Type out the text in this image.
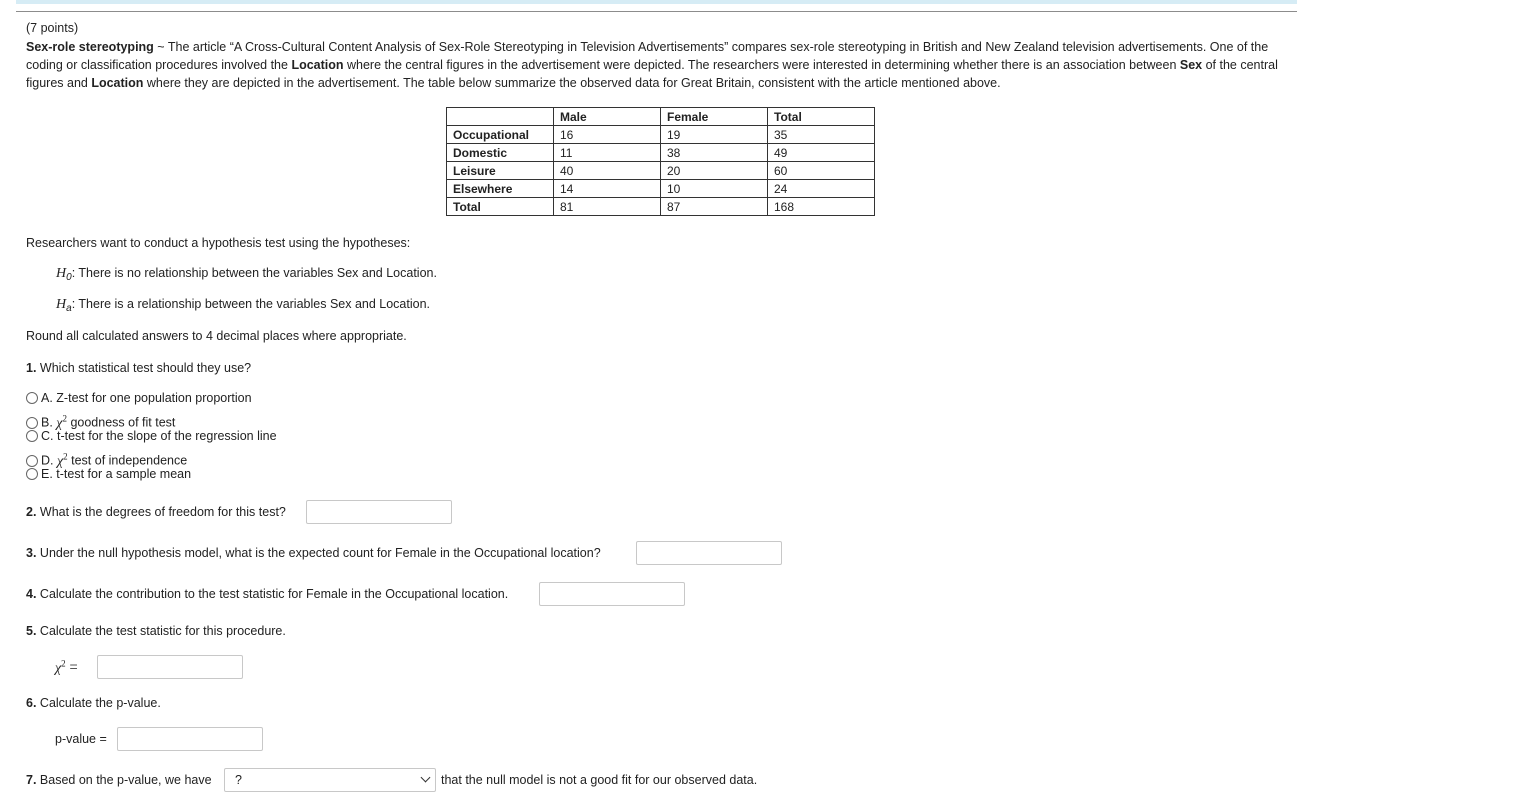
(7 points)
Sex-role stereotyping ~ The article “A Cross-Cultural Content Analysis of Sex-Role Stereotyping in Television Advertisements” compares sex-role stereotyping in British and New Zealand television advertisements. One of the coding or classification procedures involved the Location where the central figures in the advertisement were depicted. The researchers were interested in determining whether there is an association between Sex of the central figures and Location where they are depicted in the advertisement. The table below summarize the observed data for Great Britain, consistent with the article mentioned above.
	Male	Female	Total
Occupational	16	19	35
Domestic	11	38	49
Leisure	40	20	60
Elsewhere	14	10	24
Total	81	87	168
Researchers want to conduct a hypothesis test using the hypotheses:
$H_0$: There is no relationship between the variables Sex and Location.
$H_a$: There is a relationship between the variables Sex and Location.
Round all calculated answers to 4 decimal places where appropriate.
1. Which statistical test should they use?
A. Z-test for one population proportion
B. $\chi^2$ goodness of fit test
C. t-test for the slope of the regression line
D. $\chi^2$ test of independence
E. t-test for a sample mean
2. What is the degrees of freedom for this test?
3. Under the null hypothesis model, what is the expected count for Female in the Occupational location?
4. Calculate the contribution to the test statistic for Female in the Occupational location.
5. Calculate the test statistic for this procedure.
$\chi^2$ =
6. Calculate the p-value.
p-value =
7. Based on the p-value, we have	?	that the null model is not a good fit for our observed data.
